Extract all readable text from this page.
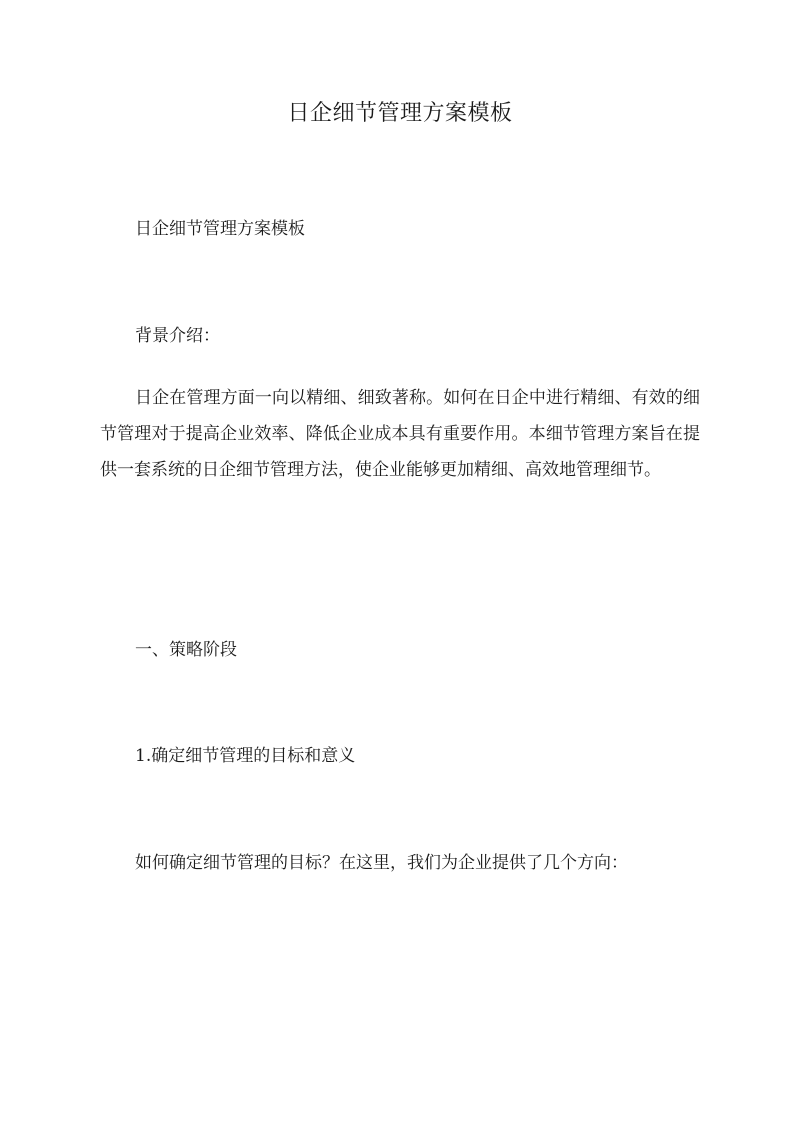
日企细节管理方案模板

日企细节管理方案模板

背景介绍：

日企在管理方面一向以精细、细致著称。如何在日企中进行精细、有效的细节管理对于提高企业效率、降低企业成本具有重要作用。本细节管理方案旨在提供一套系统的日企细节管理方法，使企业能够更加精细、高效地管理细节。

一、策略阶段

1.确定细节管理的目标和意义

如何确定细节管理的目标？在这里，我们为企业提供了几个方向：
